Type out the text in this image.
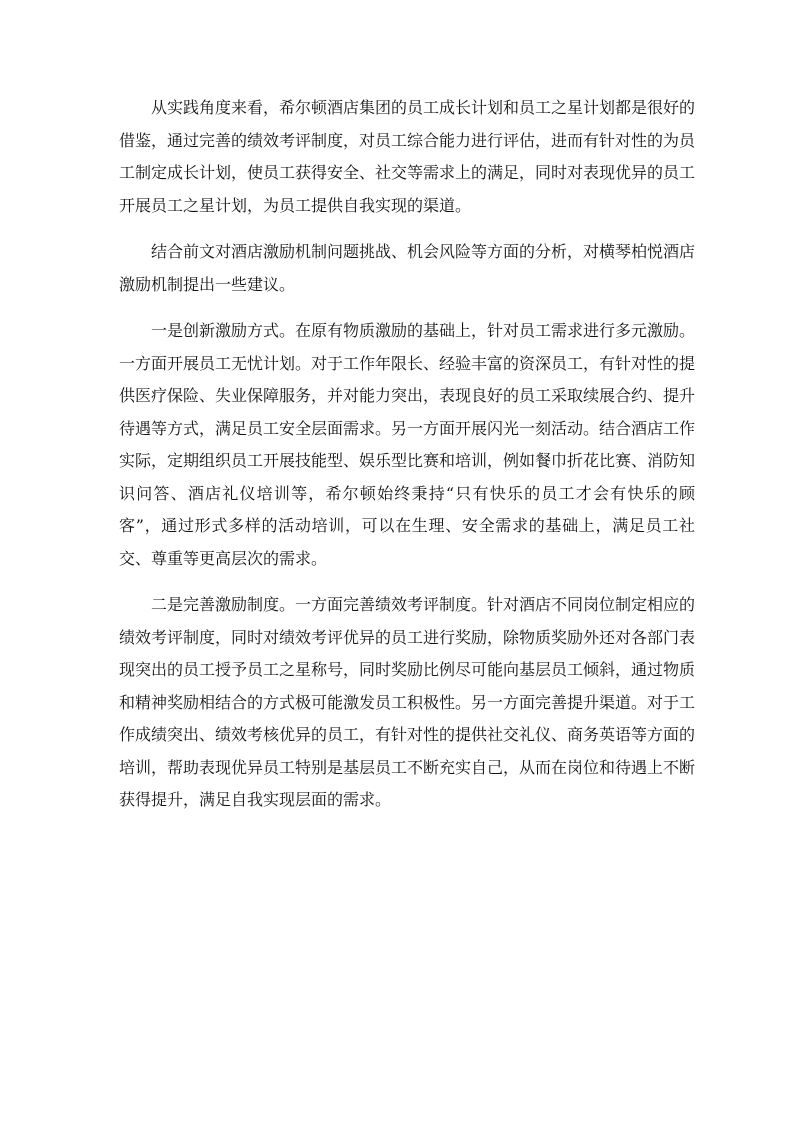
从实践角度来看，希尔顿酒店集团的员工成长计划和员工之星计划都是很好的借鉴，通过完善的绩效考评制度，对员工综合能力进行评估，进而有针对性的为员工制定成长计划，使员工获得安全、社交等需求上的满足，同时对表现优异的员工开展员工之星计划，为员工提供自我实现的渠道。

结合前文对酒店激励机制问题挑战、机会风险等方面的分析，对横琴柏悦酒店激励机制提出一些建议。

一是创新激励方式。在原有物质激励的基础上，针对员工需求进行多元激励。一方面开展员工无忧计划。对于工作年限长、经验丰富的资深员工，有针对性的提供医疗保险、失业保障服务，并对能力突出，表现良好的员工采取续展合约、提升待遇等方式，满足员工安全层面需求。另一方面开展闪光一刻活动。结合酒店工作实际，定期组织员工开展技能型、娱乐型比赛和培训，例如餐巾折花比赛、消防知识问答、酒店礼仪培训等，希尔顿始终秉持“只有快乐的员工才会有快乐的顾客”，通过形式多样的活动培训，可以在生理、安全需求的基础上，满足员工社交、尊重等更高层次的需求。

二是完善激励制度。一方面完善绩效考评制度。针对酒店不同岗位制定相应的绩效考评制度，同时对绩效考评优异的员工进行奖励，除物质奖励外还对各部门表现突出的员工授予员工之星称号，同时奖励比例尽可能向基层员工倾斜，通过物质和精神奖励相结合的方式极可能激发员工积极性。另一方面完善提升渠道。对于工作成绩突出、绩效考核优异的员工，有针对性的提供社交礼仪、商务英语等方面的培训，帮助表现优异员工特别是基层员工不断充实自己，从而在岗位和待遇上不断获得提升，满足自我实现层面的需求。
